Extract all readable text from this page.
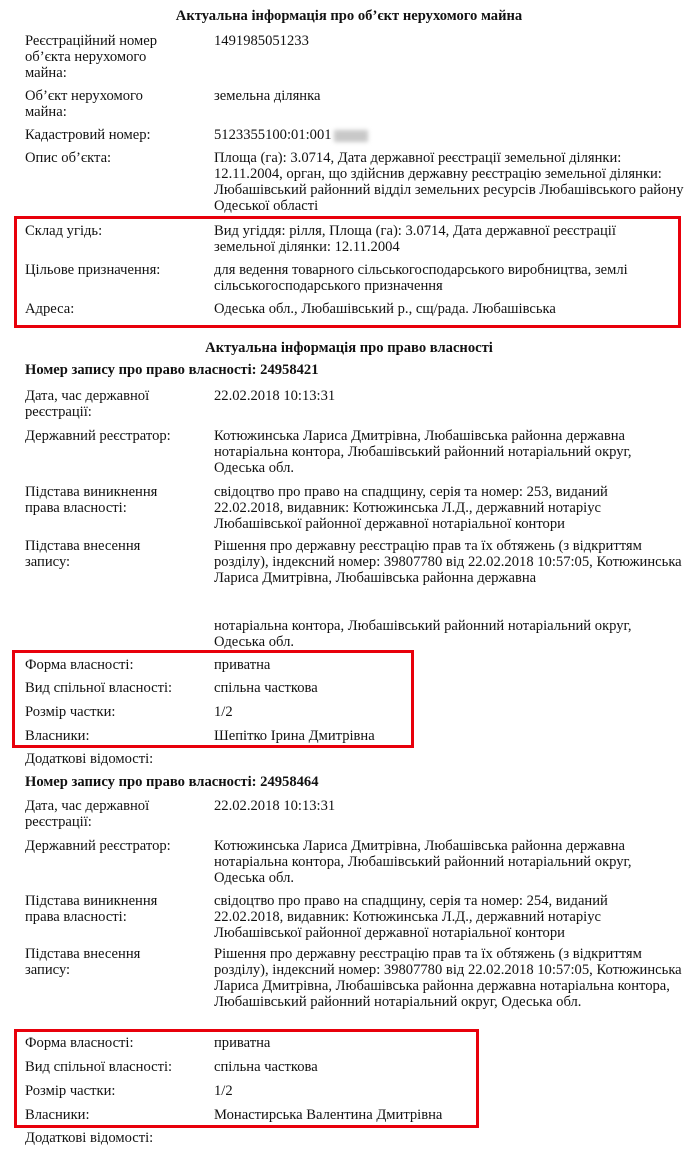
Актуальна інформація про об’єкт нерухомого майна
Реєстраційний номер об’єкта нерухомого майна:
1491985051233
Об’єкт нерухомого майна:
земельна ділянка
Кадастровий номер:	5123355100:01:001
Опис об’єкта:	Площа (га): 3.0714, Дата державної реєстрації земельної ділянки: 12.11.2004, орган, що здійснив державну реєстрацію земельної ділянки: Любашівський районний відділ земельних ресурсів Любашівського району Одеської області
Склад угідь:	Вид угіддя: рілля, Площа (га): 3.0714, Дата державної реєстрації земельної ділянки: 12.11.2004
Цільове призначення:	для ведення товарного сільськогосподарського виробництва, землі сільськогосподарського призначення
Адреса:	Одеська обл., Любашівський р., сщ/рада. Любашівська
Актуальна інформація про право власності
Номер запису про право власності: 24958421
Дата, час державної реєстрації:
22.02.2018 10:13:31
Державний реєстратор:	Котюжинська Лариса Дмитрівна, Любашівська районна державна нотаріальна контора, Любашівський районний нотаріальний округ, Одеська обл.
Підстава виникнення права власності:
свідоцтво про право на спадщину, серія та номер: 253, виданий 22.02.2018, видавник: Котюжинська Л.Д., державний нотаріус Любашівської районної державної нотаріальної контори
Підстава внесення запису:
Рішення про державну реєстрацію прав та їх обтяжень (з відкриттям розділу), індексний номер: 39807780 від 22.02.2018 10:57:05, Котюжинська Лариса Дмитрівна, Любашівська районна державна
нотаріальна контора, Любашівський районний нотаріальний округ, Одеська обл.
Форма власності:	приватна
Вид спільної власності:	спільна часткова
Розмір частки:	1/2
Власники:	Шепітко Ірина Дмитрівна
Додаткові відомості:
Номер запису про право власності: 24958464
Дата, час державної реєстрації:
22.02.2018 10:13:31
Державний реєстратор:	Котюжинська Лариса Дмитрівна, Любашівська районна державна нотаріальна контора, Любашівський районний нотаріальний округ, Одеська обл.
Підстава виникнення права власності:
свідоцтво про право на спадщину, серія та номер: 254, виданий 22.02.2018, видавник: Котюжинська Л.Д., державний нотаріус Любашівської районної державної нотаріальної контори
Підстава внесення запису:
Рішення про державну реєстрацію прав та їх обтяжень (з відкриттям розділу), індексний номер: 39807780 від 22.02.2018 10:57:05, Котюжинська Лариса Дмитрівна, Любашівська районна державна нотаріальна контора, Любашівський районний нотаріальний округ, Одеська обл.
Форма власності:	приватна
Вид спільної власності:	спільна часткова
Розмір частки:	1/2
Власники:	Монастирська Валентина Дмитрівна
Додаткові відомості:
